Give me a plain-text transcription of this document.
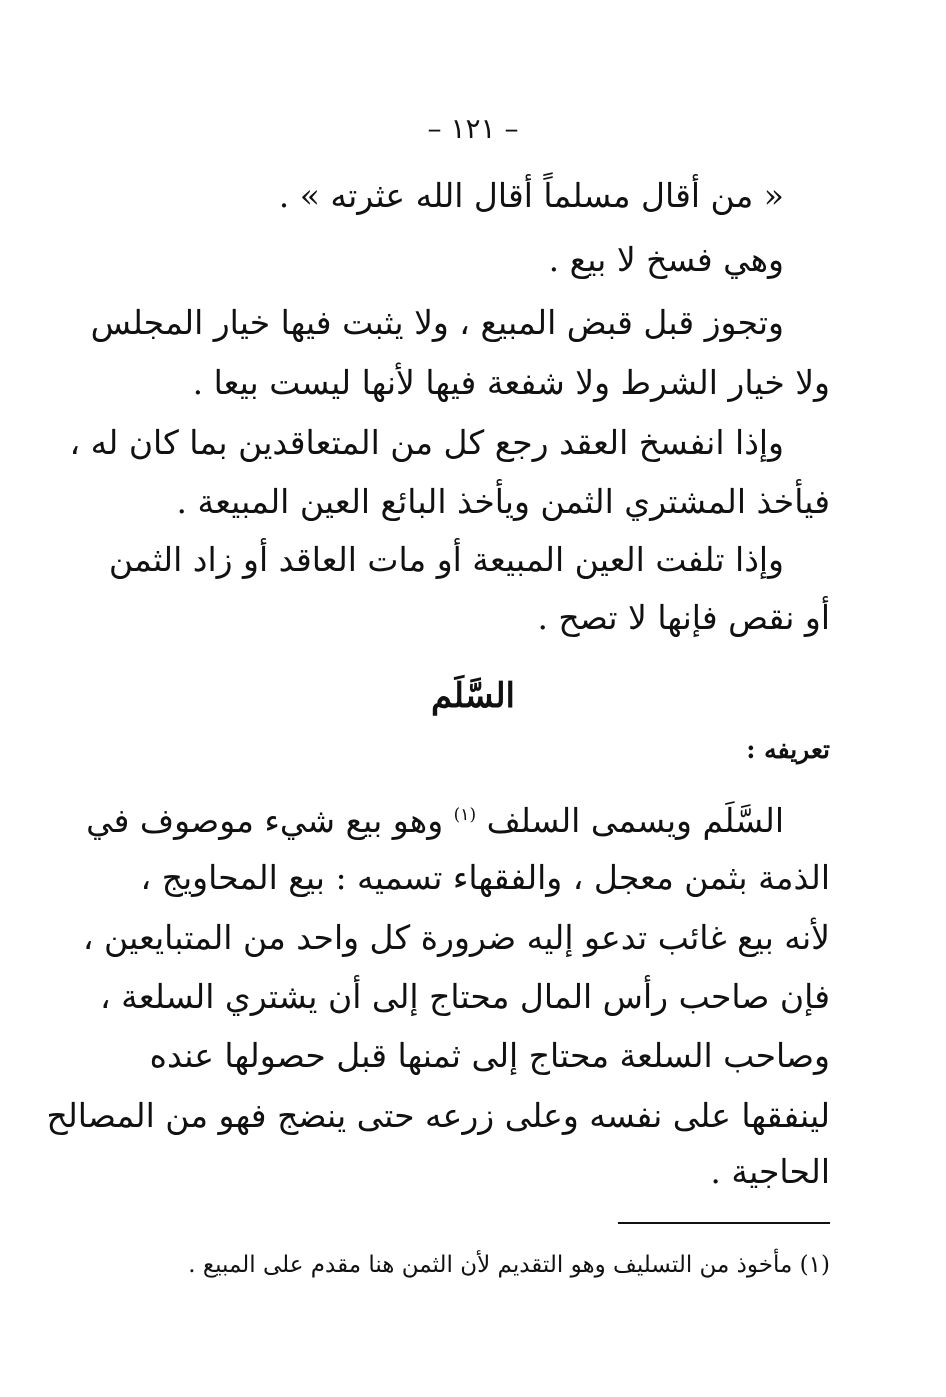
– ١٢١ –
« من أقال مسلماً أقال الله عثرته » .
وهي فسخ لا بيع .
وتجوز قبل قبض المبيع ، ولا يثبت فيها خيار المجلس
ولا خيار الشرط ولا شفعة فيها لأنها ليست بيعا .
وإذا انفسخ العقد رجع كل من المتعاقدين بما كان له ،
فيأخذ المشتري الثمن ويأخذ البائع العين المبيعة .
وإذا تلفت العين المبيعة أو مات العاقد أو زاد الثمن
أو نقص فإنها لا تصح .
السَّلَم
تعريفه :
السَّلَم ويسمى السلف $^{(١)}$ وهو بيع شيء موصوف في
الذمة بثمن معجل ، والفقهاء تسميه : بيع المحاويج ،
لأنه بيع غائب تدعو إليه ضرورة كل واحد من المتبايعين ،
فإن صاحب رأس المال محتاج إلى أن يشتري السلعة ،
وصاحب السلعة محتاج إلى ثمنها قبل حصولها عنده
لينفقها على نفسه وعلى زرعه حتى ينضج فهو من المصالح
الحاجية .
(١) مأخوذ من التسليف وهو التقديم لأن الثمن هنا مقدم على المبيع .
